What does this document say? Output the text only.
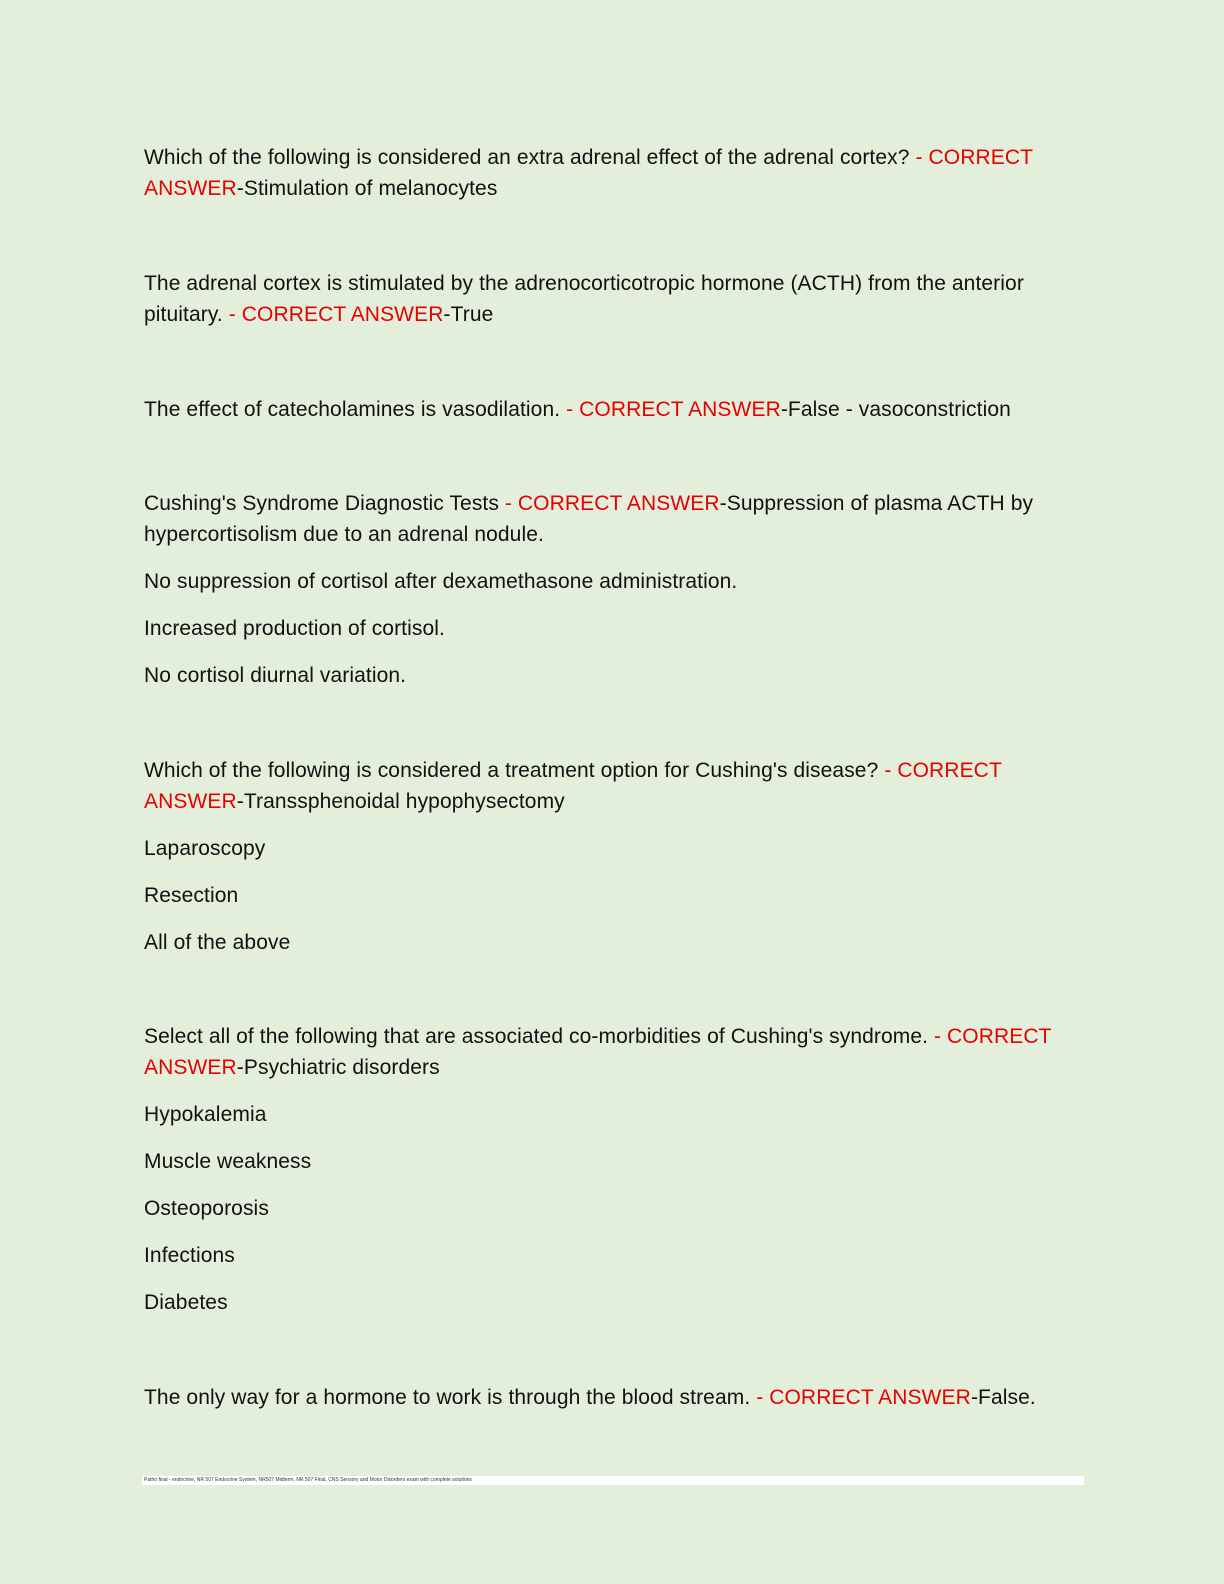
Which of the following is considered an extra adrenal effect of the adrenal cortex? - CORRECT ANSWER-Stimulation of melanocytes

The adrenal cortex is stimulated by the adrenocorticotropic hormone (ACTH) from the anterior pituitary. - CORRECT ANSWER-True

The effect of catecholamines is vasodilation. - CORRECT ANSWER-False - vasoconstriction

Cushing's Syndrome Diagnostic Tests - CORRECT ANSWER-Suppression of plasma ACTH by hypercortisolism due to an adrenal nodule.

No suppression of cortisol after dexamethasone administration.

Increased production of cortisol.

No cortisol diurnal variation.

Which of the following is considered a treatment option for Cushing's disease? - CORRECT ANSWER-Transsphenoidal hypophysectomy

Laparoscopy

Resection

All of the above

Select all of the following that are associated co-morbidities of Cushing's syndrome. - CORRECT ANSWER-Psychiatric disorders

Hypokalemia

Muscle weakness

Osteoporosis

Infections

Diabetes

The only way for a hormone to work is through the blood stream. - CORRECT ANSWER-False.

Patho final - endocrine, NR 507 Endocrine System, NR507 Midterm, NR 507 Final, CNS Sensory and Motor Disorders exam with complete solutions
